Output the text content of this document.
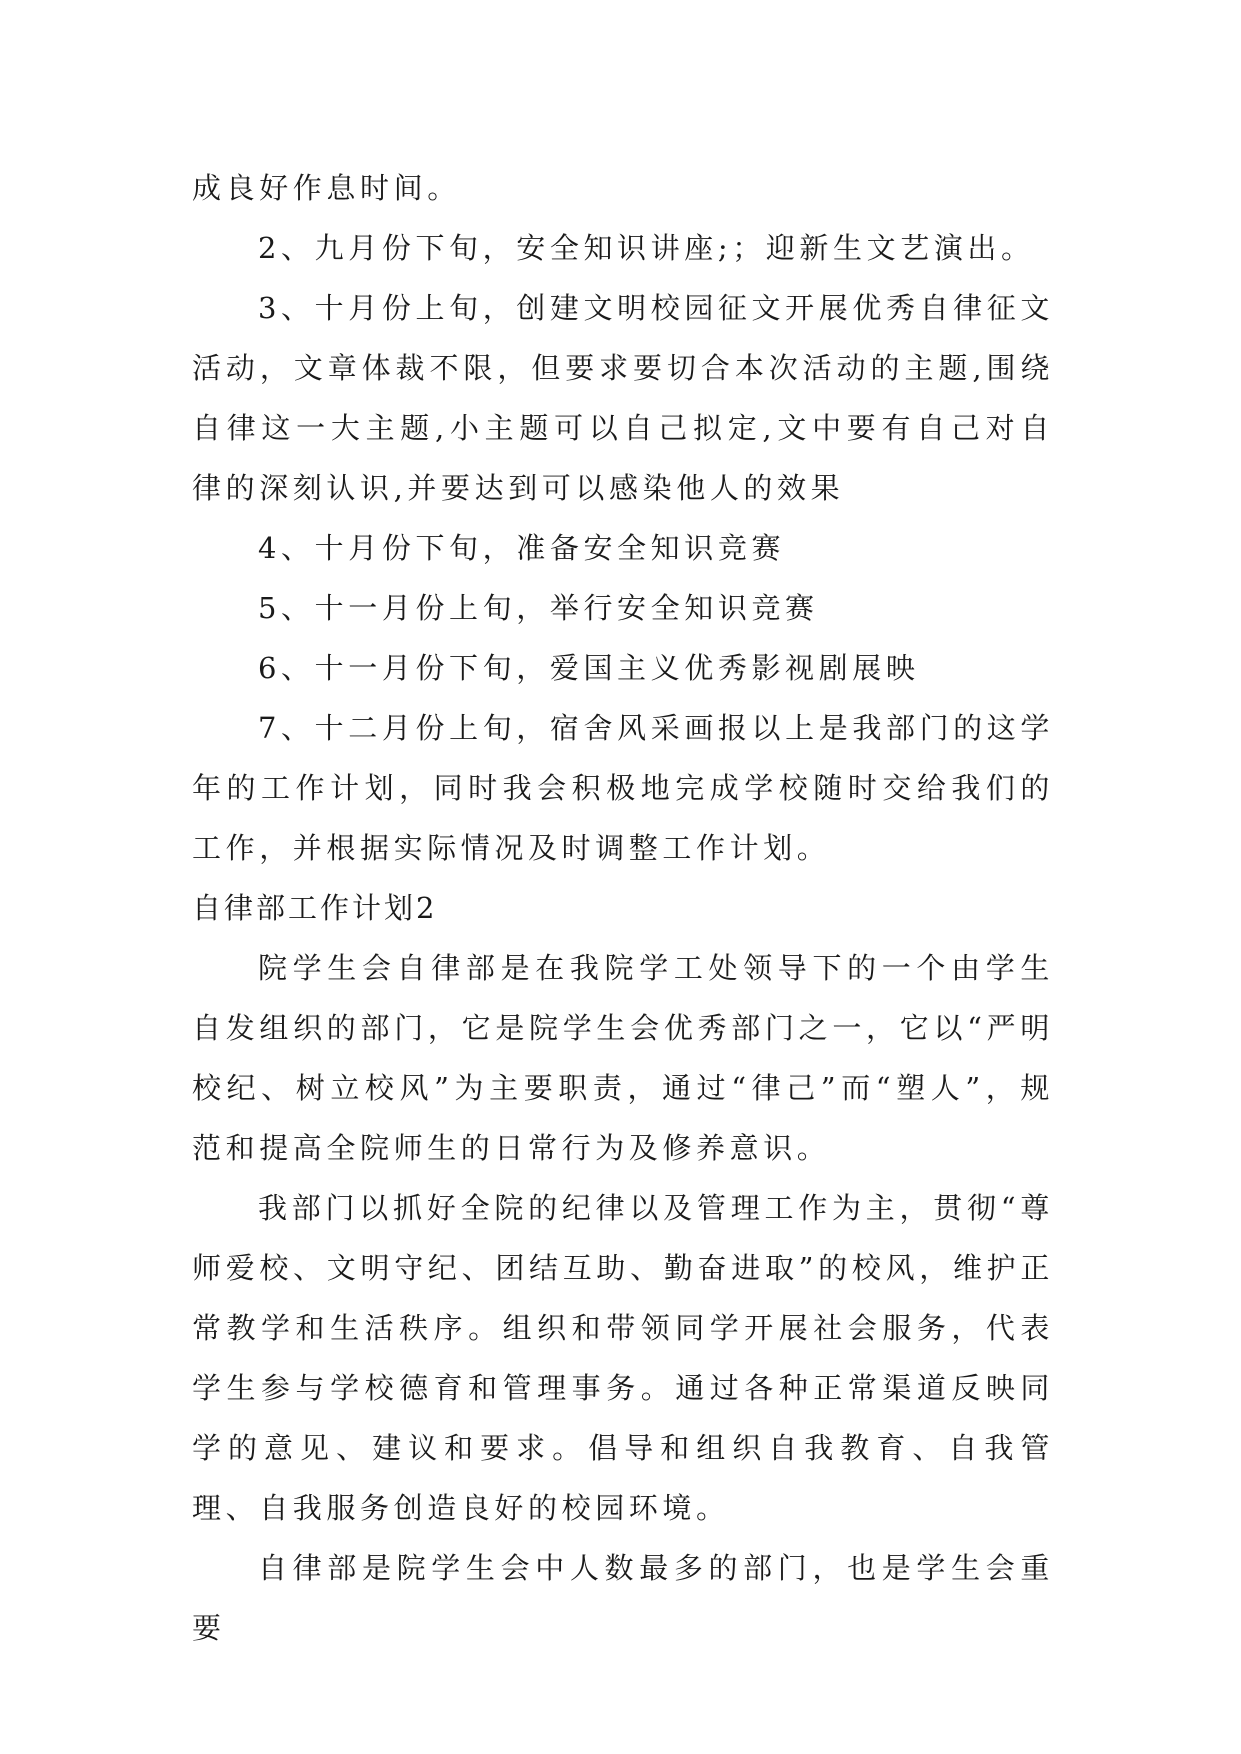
成良好作息时间。

2、九月份下旬，安全知识讲座;；迎新生文艺演出。

3、十月份上旬，创建文明校园征文开展优秀自律征文活动，文章体裁不限，但要求要切合本次活动的主题,围绕自律这一大主题,小主题可以自己拟定,文中要有自己对自律的深刻认识,并要达到可以感染他人的效果

4、十月份下旬，准备安全知识竞赛

5、十一月份上旬，举行安全知识竞赛

6、十一月份下旬，爱国主义优秀影视剧展映

7、十二月份上旬，宿舍风采画报以上是我部门的这学年的工作计划，同时我会积极地完成学校随时交给我们的工作，并根据实际情况及时调整工作计划。

自律部工作计划2

院学生会自律部是在我院学工处领导下的一个由学生自发组织的部门，它是院学生会优秀部门之一，它以“严明校纪、树立校风”为主要职责，通过“律己”而“塑人”，规范和提高全院师生的日常行为及修养意识。

我部门以抓好全院的纪律以及管理工作为主，贯彻“尊师爱校、文明守纪、团结互助、勤奋进取”的校风，维护正常教学和生活秩序。组织和带领同学开展社会服务，代表学生参与学校德育和管理事务。通过各种正常渠道反映同学的意见、建议和要求。倡导和组织自我教育、自我管理、自我服务创造良好的校园环境。

自律部是院学生会中人数最多的部门，也是学生会重要
